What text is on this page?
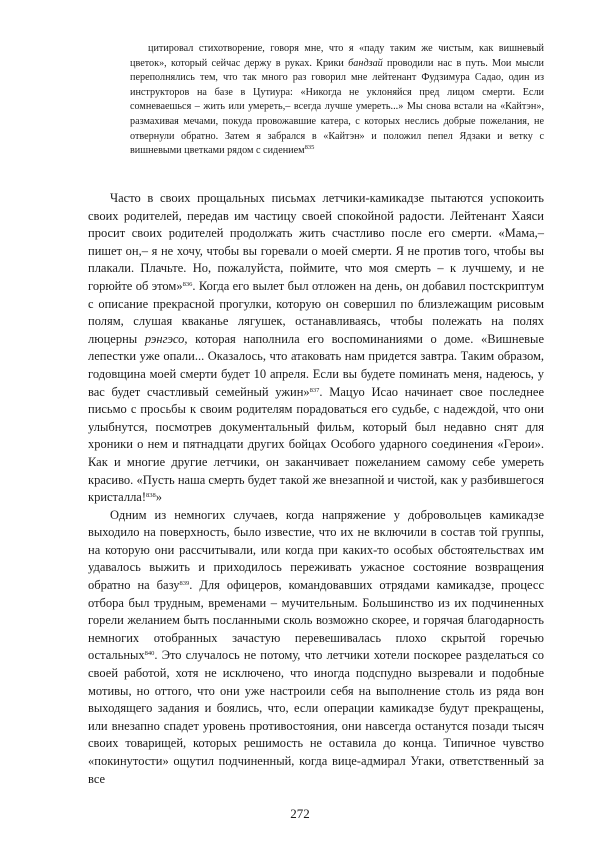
цитировал стихотворение, говоря мне, что я «паду таким же чистым, как вишневый цветок», который сейчас держу в руках. Крики бандзай проводили нас в путь. Мои мысли переполнялись тем, что так много раз говорил мне лейтенант Фудзимура Садао, один из инструкторов на базе в Цутиура: «Никогда не уклоняйся пред лицом смерти. Если сомневаешься – жить или умереть,– всегда лучше умереть...» Мы снова встали на «Кайтэн», размахивая мечами, покуда провожавшие катера, с которых неслись добрые пожелания, не отвернули обратно. Затем я забрался в «Кайтэн» и положил пепел Ядзаки и ветку с вишневыми цветками рядом с сидением$^{835}$

Часто в своих прощальных письмах летчики-камикадзе пытаются успокоить своих родителей, передав им частицу своей спокойной радости. Лейтенант Хаяси просит своих родителей продолжать жить счастливо после его смерти. «Мама,– пишет он,– я не хочу, чтобы вы горевали о моей смерти. Я не против того, чтобы вы плакали. Плачьте. Но, пожалуйста, поймите, что моя смерть – к лучшему, и не горюйте об этом»$^{836}$. Когда его вылет был отложен на день, он добавил постскриптум с описание прекрасной прогулки, которую он совершил по близлежащим рисовым полям, слушая кваканье лягушек, останавливаясь, чтобы полежать на полях люцерны рэнгэсо, которая наполнила его воспоминаниями о доме. «Вишневые лепестки уже опали... Оказалось, что атаковать нам придется завтра. Таким образом, годовщина моей смерти будет 10 апреля. Если вы будете поминать меня, надеюсь, у вас будет счастливый семейный ужин»$^{837}$. Мацуо Исао начинает свое последнее письмо с просьбы к своим родителям порадоваться его судьбе, с надеждой, что они улыбнутся, посмотрев документальный фильм, который был недавно снят для хроники о нем и пятнадцати других бойцах Особого ударного соединения «Герои». Как и многие другие летчики, он заканчивает пожеланием самому себе умереть красиво. «Пусть наша смерть будет такой же внезапной и чистой, как у разбившегося кристалла!$^{838}$»

Одним из немногих случаев, когда напряжение у добровольцев камикадзе выходило на поверхность, было известие, что их не включили в состав той группы, на которую они рассчитывали, или когда при каких-то особых обстоятельствах им удавалось выжить и приходилось переживать ужасное состояние возвращения обратно на базу$^{839}$. Для офицеров, командовавших отрядами камикадзе, процесс отбора был трудным, временами – мучительным. Большинство из их подчиненных горели желанием быть посланными сколь возможно скорее, и горячая благодарность немногих отобранных зачастую перевешивалась плохо скрытой горечью остальных$^{840}$. Это случалось не потому, что летчики хотели поскорее разделаться со своей работой, хотя не исключено, что иногда подспудно вызревали и подобные мотивы, но оттого, что они уже настроили себя на выполнение столь из ряда вон выходящего задания и боялись, что, если операции камикадзе будут прекращены, или внезапно спадет уровень противостояния, они навсегда останутся позади тысяч своих товарищей, которых решимость не оставила до конца. Типичное чувство «покинутости» ощутил подчиненный, когда вице-адмирал Угаки, ответственный за все

272
